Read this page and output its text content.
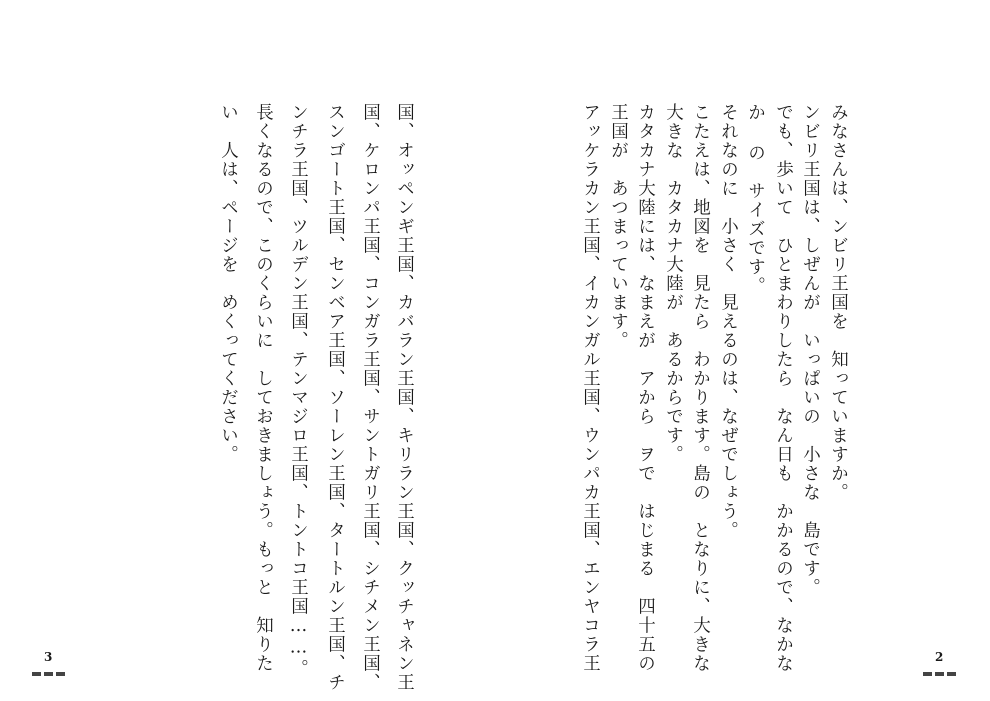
みなさんは、ンビリ王国を　知っていますか。
ンビリ王国は、しぜんが　いっぱいの　小さな　島です。
でも、歩いて　ひとまわりしたら　なん日も　かかるので、なかな
か の　サイズです。
それなのに　小さく　見えるのは、なぜでしょう。
こたえは、地図を　見たら　わかります。島の　となりに、大きな
大きな　カタカナ大陸が　あるからです。
カタカナ大陸には、なまえが　アから　ヲで　はじまる　四十五の
王国が　あつまっています。
アッケラカン王国、イカンガル王国、ウンパカ王国、エンヤコラ王	2
国、オッペンギ王国、カバラン王国、キリラン王国、クッチャネン王
国、ケロンパ王国、コンガラ王国、サントガリ王国、シチメン王国、
スンゴート王国、センベア王国、ソーレン王国、タートルン王国、チ
ンチラ王国、ツルデン王国、テンマジロ王国、トントコ王国……。
長くなるので、このくらいに　しておきましょう。もっと　知りた
い　人は、ページを　めくってください。
3
